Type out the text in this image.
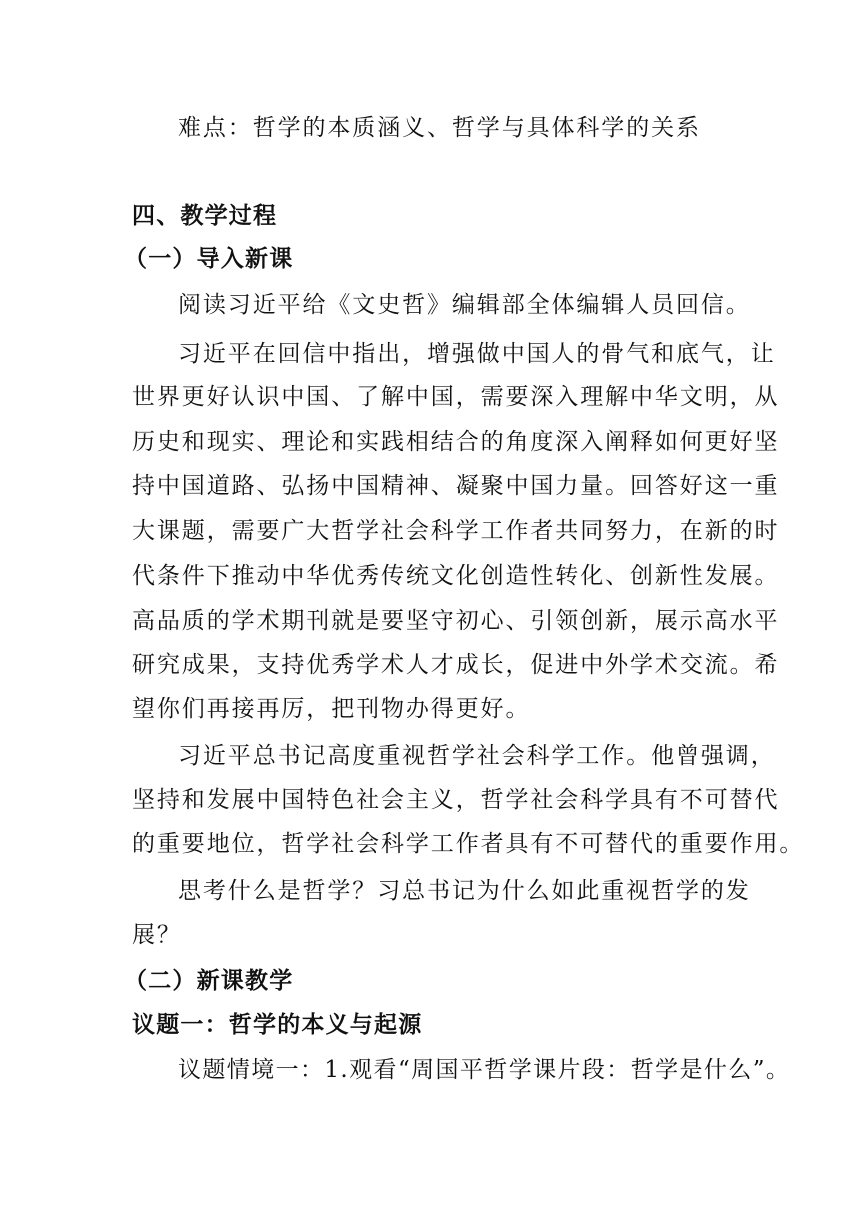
难点：哲学的本质涵义、哲学与具体科学的关系
四、教学过程
（一）导入新课
阅读习近平给《文史哲》编辑部全体编辑人员回信。
习近平在回信中指出，增强做中国人的骨气和底气，让
世界更好认识中国、了解中国，需要深入理解中华文明，从
历史和现实、理论和实践相结合的角度深入阐释如何更好坚
持中国道路、弘扬中国精神、凝聚中国力量。回答好这一重
大课题，需要广大哲学社会科学工作者共同努力，在新的时
代条件下推动中华优秀传统文化创造性转化、创新性发展。
高品质的学术期刊就是要坚守初心、引领创新，展示高水平
研究成果，支持优秀学术人才成长，促进中外学术交流。希
望你们再接再厉，把刊物办得更好。
习近平总书记高度重视哲学社会科学工作。他曾强调，
坚持和发展中国特色社会主义，哲学社会科学具有不可替代
的重要地位，哲学社会科学工作者具有不可替代的重要作用。
思考什么是哲学？习总书记为什么如此重视哲学的发
展？
（二）新课教学
议题一：哲学的本义与起源
议题情境一：1.观看“周国平哲学课片段：哲学是什么”。
